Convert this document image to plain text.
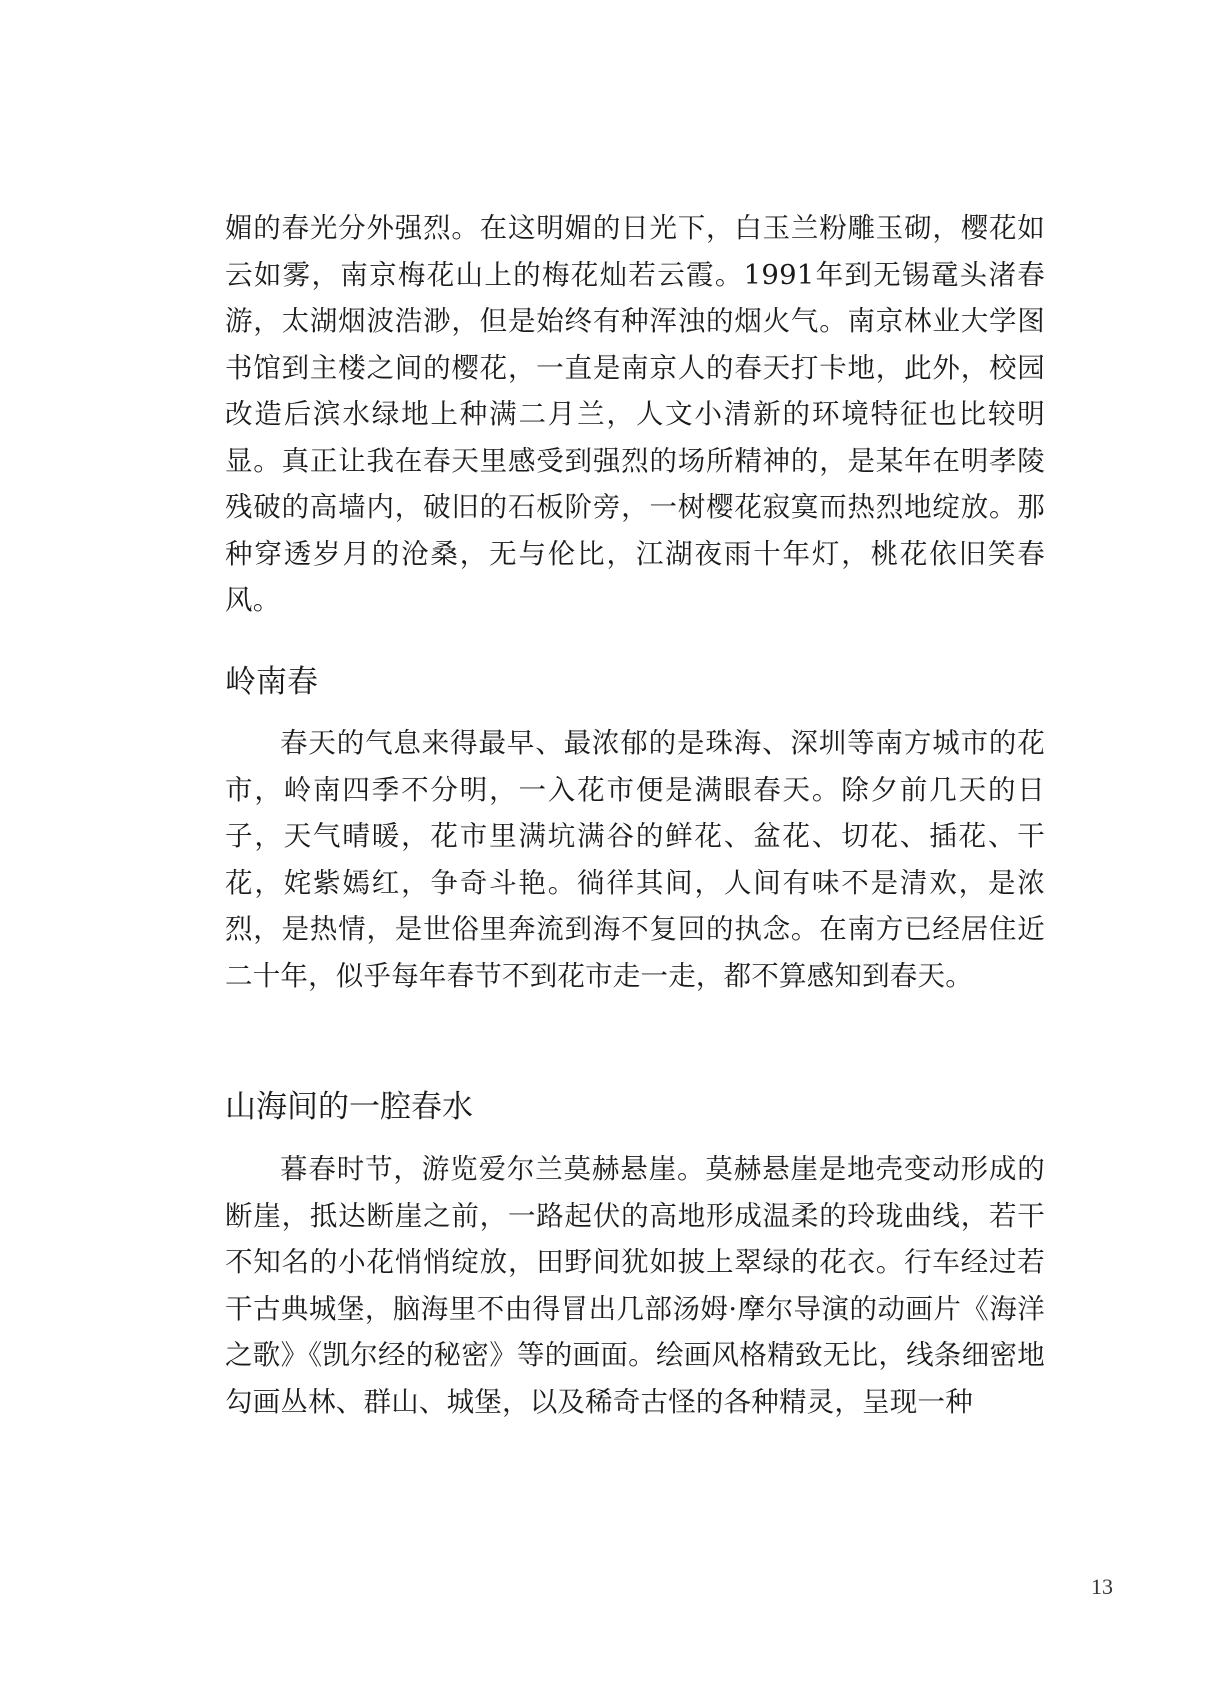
媚的春光分外强烈。在这明媚的日光下，白玉兰粉雕玉砌，樱花如云如雾，南京梅花山上的梅花灿若云霞。1991年到无锡鼋头渚春游，太湖烟波浩渺，但是始终有种浑浊的烟火气。南京林业大学图书馆到主楼之间的樱花，一直是南京人的春天打卡地，此外，校园改造后滨水绿地上种满二月兰，人文小清新的环境特征也比较明显。真正让我在春天里感受到强烈的场所精神的，是某年在明孝陵残破的高墙内，破旧的石板阶旁，一树樱花寂寞而热烈地绽放。那种穿透岁月的沧桑，无与伦比，江湖夜雨十年灯，桃花依旧笑春风。

岭南春

春天的气息来得最早、最浓郁的是珠海、深圳等南方城市的花市，岭南四季不分明，一入花市便是满眼春天。除夕前几天的日子，天气晴暖，花市里满坑满谷的鲜花、盆花、切花、插花、干花，姹紫嫣红，争奇斗艳。徜徉其间，人间有味不是清欢，是浓烈，是热情，是世俗里奔流到海不复回的执念。在南方已经居住近二十年，似乎每年春节不到花市走一走，都不算感知到春天。

山海间的一腔春水

暮春时节，游览爱尔兰莫赫悬崖。莫赫悬崖是地壳变动形成的断崖，抵达断崖之前，一路起伏的高地形成温柔的玲珑曲线，若干不知名的小花悄悄绽放，田野间犹如披上翠绿的花衣。行车经过若干古典城堡，脑海里不由得冒出几部汤姆·摩尔导演的动画片《海洋之歌》《凯尔经的秘密》等的画面。绘画风格精致无比，线条细密地勾画丛林、群山、城堡，以及稀奇古怪的各种精灵，呈现一种

13
